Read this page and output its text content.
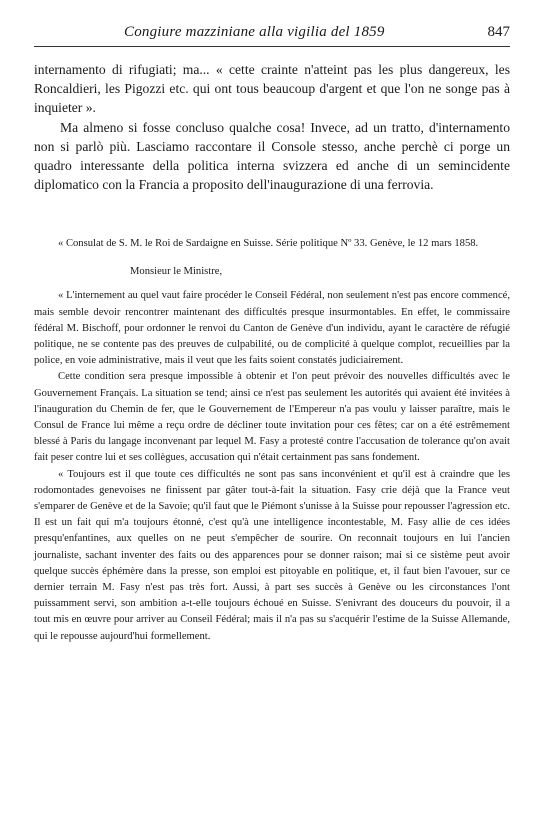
Congiure mazziniane alla vigilia del 1859	847

internamento di rifugiati; ma... « cette crainte n'atteint pas les plus dangereux, les Roncaldieri, les Pigozzi etc. qui ont tous beaucoup d'argent et que l'on ne songe pas à inquieter ».

Ma almeno si fosse concluso qualche cosa! Invece, ad un tratto, d'internamento non si parlò più. Lasciamo raccontare il Console stesso, anche perchè ci porge un quadro interessante della politica interna svizzera ed anche di un semincidente diplomatico con la Francia a proposito dell'inaugurazione di una ferrovia.

« Consulat de S. M. le Roi de Sardaigne en Suisse. Série politique Nº 33. Genève, le 12 mars 1858.

Monsieur le Ministre,

« L'internement au quel vaut faire procéder le Conseil Fédéral, non seulement n'est pas encore commencé, mais semble devoir rencontrer maintenant des difficultés presque insurmontables. En effet, le commissaire fédéral M. Bischoff, pour ordonner le renvoi du Canton de Genève d'un individu, ayant le caractère de réfugié politique, ne se contente pas des preuves de culpabilité, ou de complicité à quelque complot, recueillies par la police, en voie administrative, mais il veut que les faits soient constatés judiciairement.

Cette condition sera presque impossible à obtenir et l'on peut prévoir des nouvelles difficultés avec le Gouvernement Français. La situation se tend; ainsi ce n'est pas seulement les autorités qui avaient été invitées à l'inauguration du Chemin de fer, que le Gouvernement de l'Empereur n'a pas voulu y laisser paraître, mais le Consul de France lui même a reçu ordre de décliner toute invitation pour ces fêtes; car on a été estrêmement blessé à Paris du langage inconvenant par lequel M. Fasy a protesté contre l'accusation de tolerance qu'on avait fait peser contre lui et ses collègues, accusation qui n'était certainment pas sans fondement.

« Toujours est il que toute ces difficultés ne sont pas sans inconvénient et qu'il est à craindre que les rodomontades genevoises ne finissent par gâter tout-à-fait la situation. Fasy crie déjà que la France veut s'emparer de Genève et de la Savoie; qu'il faut que le Piémont s'unisse à la Suisse pour repousser l'agression etc. Il est un fait qui m'a toujours étonné, c'est qu'à une intelligence incontestable, M. Fasy allie de ces idées presqu'enfantines, aux quelles on ne peut s'empêcher de sourire. On reconnait toujours en lui l'ancien journaliste, sachant inventer des faits ou des apparences pour se donner raison; mai si ce sistème peut avoir quelque succès éphémère dans la presse, son emploi est pitoyable en politique, et, il faut bien l'avouer, sur ce dernier terrain M. Fasy n'est pas très fort. Aussi, à part ses succès à Genève ou les circonstances l'ont puissamment servi, son ambition a-t-elle toujours échoué en Suisse. S'enivrant des douceurs du pouvoir, il a tout mis en œuvre pour arriver au Conseil Fédéral; mais il n'a pas su s'acquérir l'estime de la Suisse Allemande, qui le repousse aujourd'hui formellement.
